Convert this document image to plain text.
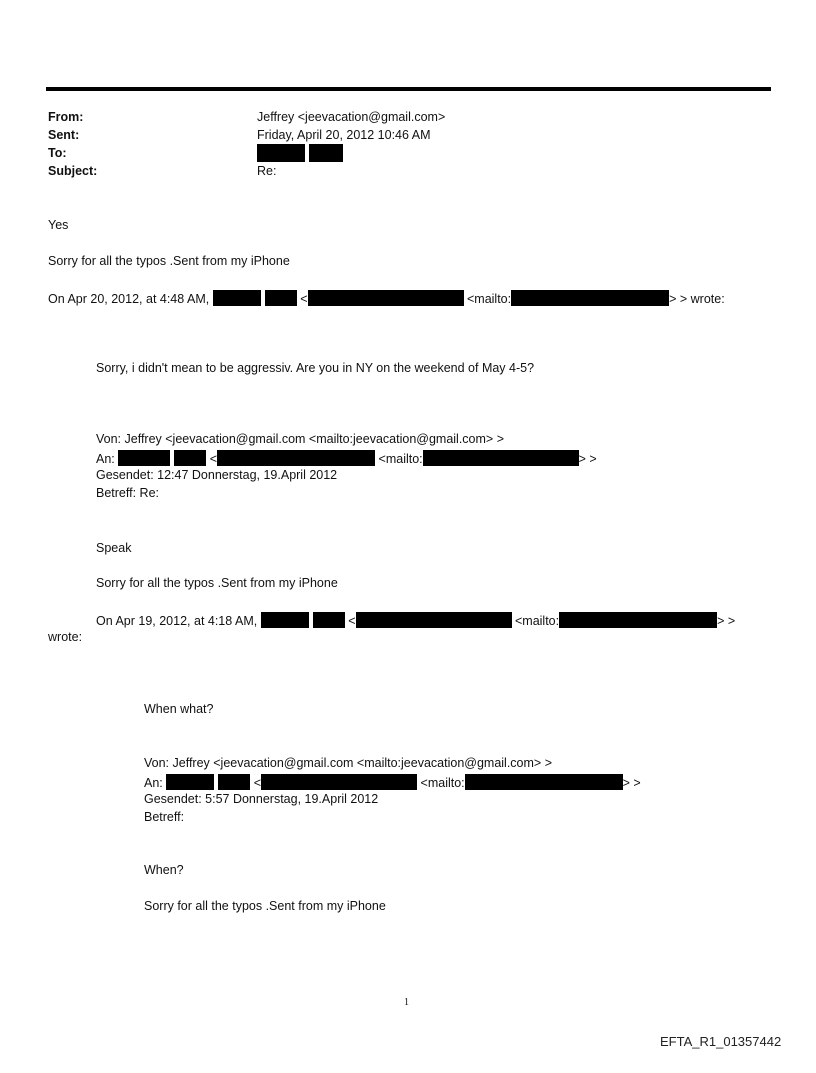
From:	Jeffrey <jeevacation@gmail.com>
Sent:	Friday, April 20, 2012 10:46 AM
To:
Subject:	Re:
Yes
Sorry for all the typos .Sent from my iPhone
On Apr 20, 2012, at 4:48 AM,	<	<mailto:	> > wrote:
Sorry, i didn't mean to be aggressiv. Are you in NY on the weekend of May 4-5?
Von: Jeffrey <jeevacation@gmail.com <mailto:jeevacation@gmail.com> >
An:	<	<mailto:	> >
Gesendet: 12:47 Donnerstag, 19.April 2012
Betreff: Re:
Speak
Sorry for all the typos .Sent from my iPhone
On Apr 19, 2012, at 4:18 AM,	<	<mailto:	> >
wrote:
When what?
Von: Jeffrey <jeevacation@gmail.com <mailto:jeevacation@gmail.com> >
An:	<	<mailto:	> >
Gesendet: 5:57 Donnerstag, 19.April 2012
Betreff:
When?
Sorry for all the typos .Sent from my iPhone
1
EFTA_R1_01357442
